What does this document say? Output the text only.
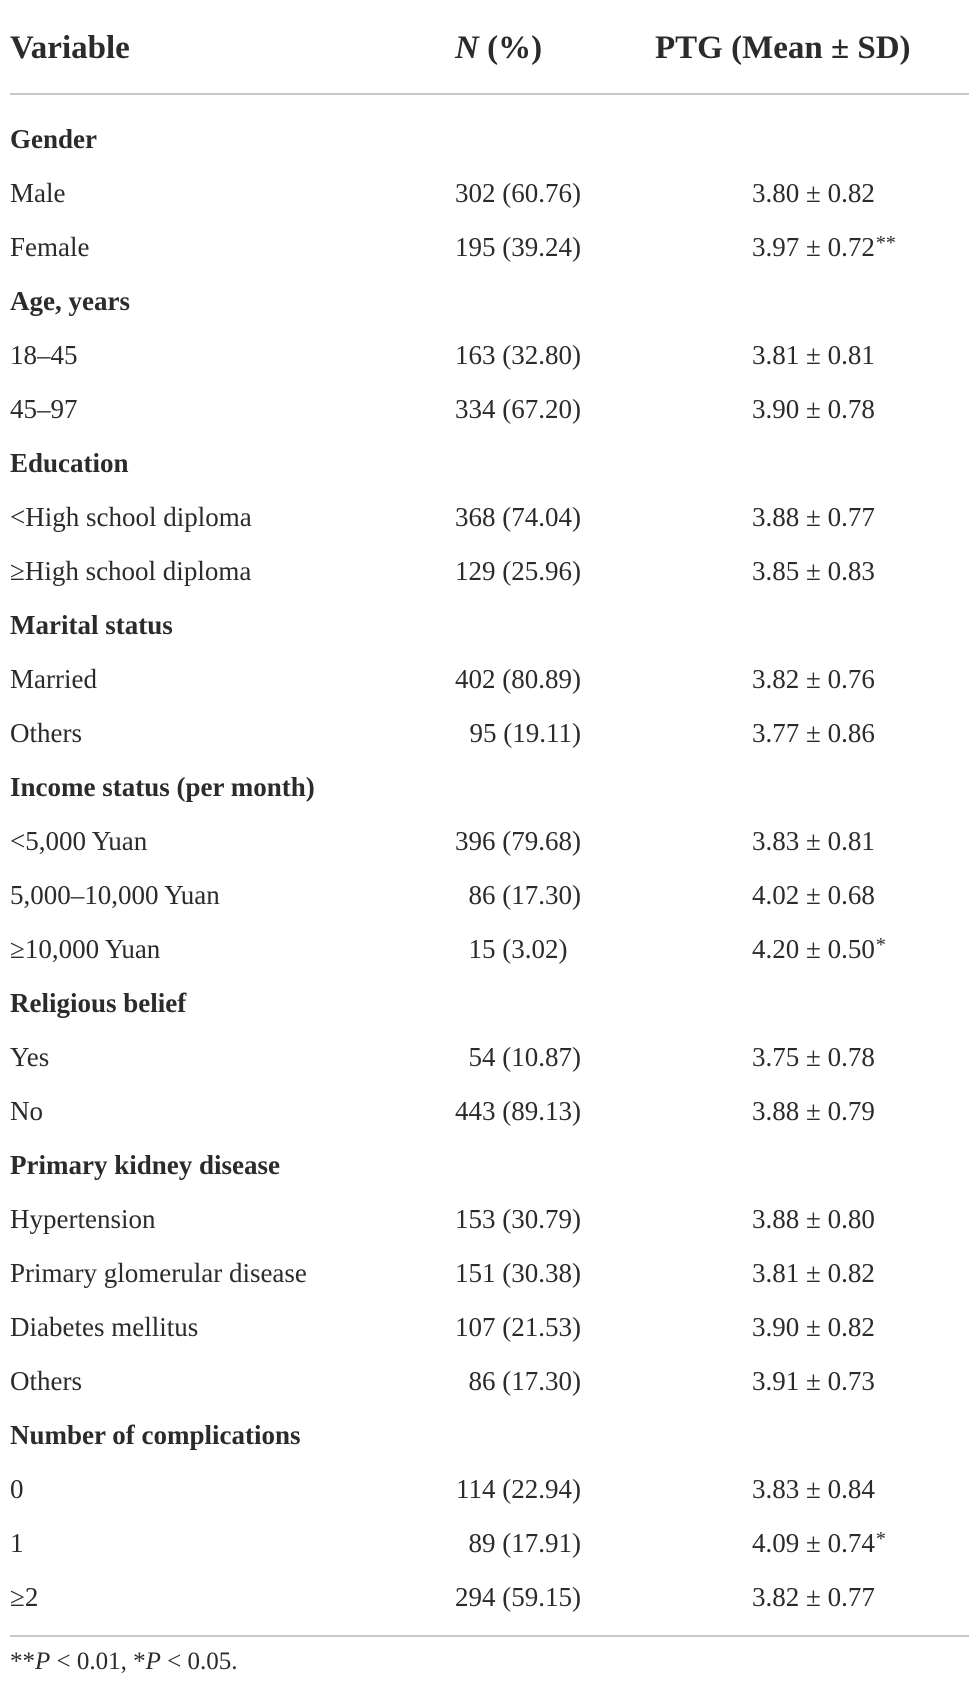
Variable	N (%)	PTG (Mean ± SD)
Gender
Male	302 (60.76)	3.80 ± 0.82
Female	195 (39.24)	3.97 ± 0.72**
Age, years
18–45	163 (32.80)	3.81 ± 0.81
45–97	334 (67.20)	3.90 ± 0.78
Education
<High school diploma	368 (74.04)	3.88 ± 0.77
≥High school diploma	129 (25.96)	3.85 ± 0.83
Marital status
Married	402 (80.89)	3.82 ± 0.76
Others	95 (19.11)	3.77 ± 0.86
Income status (per month)
<5,000 Yuan	396 (79.68)	3.83 ± 0.81
5,000–10,000 Yuan	86 (17.30)	4.02 ± 0.68
≥10,000 Yuan	15 (3.02) 	4.20 ± 0.50*
Religious belief
Yes	54 (10.87)	3.75 ± 0.78
No	443 (89.13)	3.88 ± 0.79
Primary kidney disease
Hypertension	153 (30.79)	3.88 ± 0.80
Primary glomerular disease	151 (30.38)	3.81 ± 0.82
Diabetes mellitus	107 (21.53)	3.90 ± 0.82
Others	86 (17.30)	3.91 ± 0.73
Number of complications
0	114 (22.94)	3.83 ± 0.84
1	89 (17.91)	4.09 ± 0.74*
≥2	294 (59.15)	3.82 ± 0.77
**P < 0.01, *P < 0.05.
